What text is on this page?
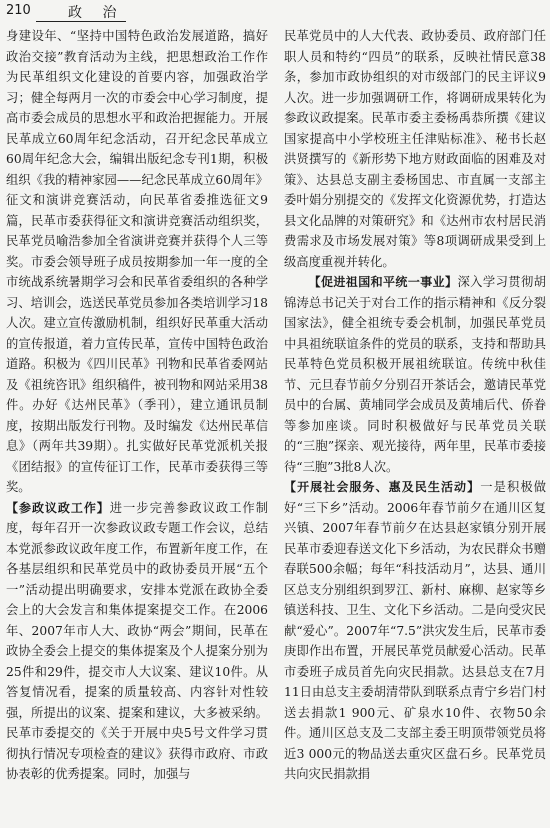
210	政 治

身建设年、“坚持中国特色政治发展道路，搞好政治交接”教育活动为主线，把思想政治工作作为民革组织文化建设的首要内容，加强政治学习；健全每两月一次的市委会中心学习制度，提高市委会成员的思想水平和政治把握能力。开展民革成立60周年纪念活动，召开纪念民革成立60周年纪念大会，编辑出版纪念专刊1期，积极组织《我的精神家园——纪念民革成立60周年》征文和演讲竞赛活动，向民革省委推选征文9篇，民革市委获得征文和演讲竞赛活动组织奖，民革党员喻浩参加全省演讲竞赛并获得个人三等奖。市委会领导班子成员按期参加一年一度的全市统战系统暑期学习会和民革省委组织的各种学习、培训会，选送民革党员参加各类培训学习18人次。建立宣传激励机制，组织好民革重大活动的宣传报道，着力宣传民革，宣传中国特色政治道路。积极为《四川民革》刊物和民革省委网站及《祖统咨讯》组织稿件，被刊物和网站采用38件。办好《达州民革》（季刊），建立通讯员制度，按期出版发行刊物。及时编发《达州民革信息》（两年共39期）。扎实做好民革党派机关报《团结报》的宣传征订工作，民革市委获得三等奖。

【参政议政工作】进一步完善参政议政工作制度，每年召开一次参政议政专题工作会议，总结本党派参政议政年度工作，布置新年度工作，在各基层组织和民革党员中的政协委员开展“五个一”活动提出明确要求，安排本党派在政协全委会上的大会发言和集体提案提交工作。在2006年、2007年市人大、政协“两会”期间，民革在政协全委会上提交的集体提案及个人提案分别为25件和29件，提交市人大议案、建议10件。从答复情况看，提案的质量较高、内容针对性较强，所提出的议案、提案和建议，大多被采纳。民革市委提交的《关于开展中央5号文件学习贯彻执行情况专项检查的建议》获得市政府、市政协表彰的优秀提案。同时，加强与

民革党员中的人大代表、政协委员、政府部门任职人员和特约“四员”的联系，反映社情民意38条，参加市政协组织的对市级部门的民主评议9人次。进一步加强调研工作，将调研成果转化为参政议政提案。民革市委主委杨禹恭所撰《建议国家提高中小学校班主任津贴标准》、秘书长赵洪贤撰写的《新形势下地方财政面临的困难及对策》、达县总支副主委杨国忠、市直属一支部主委叶娟分别提交的《发挥文化资源优势，打造达县文化品牌的对策研究》和《达州市农村居民消费需求及市场发展对策》等8项调研成果受到上级高度重视并转化。

【促进祖国和平统一事业】深入学习贯彻胡锦涛总书记关于对台工作的指示精神和《反分裂国家法》，健全祖统专委会机制，加强民革党员中具祖统联谊条件的党员的联系，支持和帮助具民革特色党员积极开展祖统联谊。传统中秋佳节、元旦春节前夕分别召开茶话会，邀请民革党员中的台属、黄埔同学会成员及黄埔后代、侨眷等参加座谈。同时积极做好与民革党员关联的“三胞”探亲、观光接待，两年里，民革市委接待“三胞”3批8人次。

【开展社会服务、惠及民生活动】一是积极做好“三下乡”活动。2006年春节前夕在通川区复兴镇、2007年春节前夕在达县赵家镇分别开展民革市委迎春送文化下乡活动，为农民群众书赠春联500余幅；每年“科技活动月”，达县、通川区总支分别组织到罗江、新村、麻柳、赵家等乡镇送科技、卫生、文化下乡活动。二是向受灾民献“爱心”。2007年“7.5”洪灾发生后，民革市委庚即作出布置，开展民革党员献爱心活动。民革市委班子成员首先向灾民捐款。达县总支在7月11日由总支主委胡清带队到联系点青宁乡岩门村送去捐款1 900元、矿泉水10件、衣物50余件。通川区总支及二支部主委王明顶带领党员将近3 000元的物品送去重灾区盘石乡。民革党员共向灾民捐款捐
